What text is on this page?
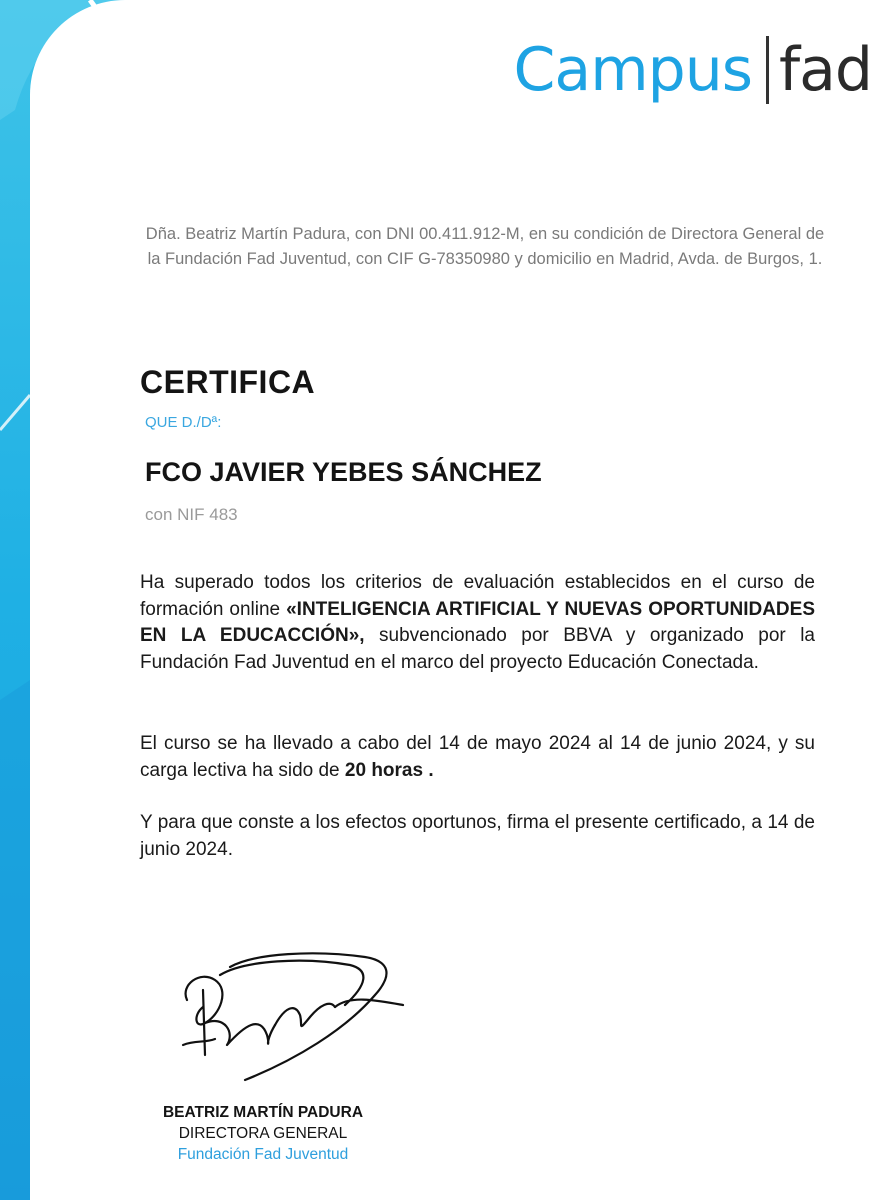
Campus fad
Dña. Beatriz Martín Padura, con DNI 00.411.912-M, en su condición de Directora General de la Fundación Fad Juventud, con CIF G-78350980 y domicilio en Madrid, Avda. de Burgos, 1.
CERTIFICA
QUE D./Dª:
FCO JAVIER YEBES SÁNCHEZ
con NIF 483
Ha superado todos los criterios de evaluación establecidos en el curso de formación online «INTELIGENCIA ARTIFICIAL Y NUEVAS OPORTUNIDADES EN LA EDUCACCIÓN», subvencionado por BBVA y organizado por la Fundación Fad Juventud en el marco del proyecto Educación Conectada.
El curso se ha llevado a cabo del 14 de mayo 2024 al 14 de junio 2024, y su carga lectiva ha sido de 20 horas .
Y para que conste a los efectos oportunos, firma el presente certificado, a 14 de junio 2024.
BEATRIZ MARTÍN PADURA
DIRECTORA GENERAL
Fundación Fad Juventud
